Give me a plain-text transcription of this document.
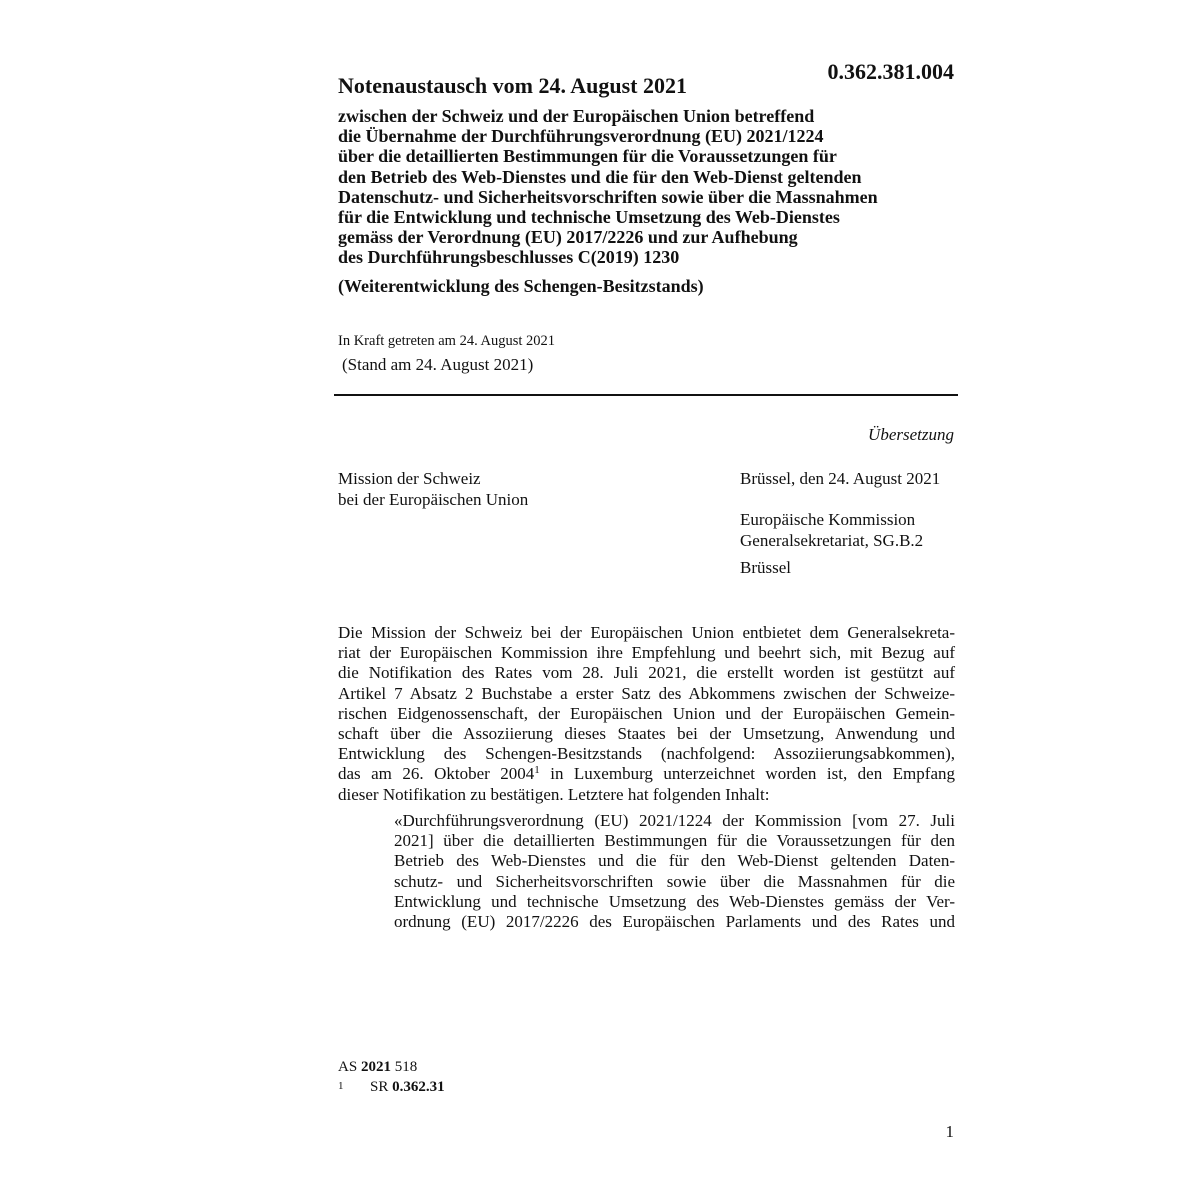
0.362.381.004
Notenaustausch vom 24. August 2021
zwischen der Schweiz und der Europäischen Union betreffend
die Übernahme der Durchführungsverordnung (EU) 2021/1224
über die detaillierten Bestimmungen für die Voraussetzungen für
den Betrieb des Web-Dienstes und die für den Web-Dienst geltenden
Datenschutz- und Sicherheitsvorschriften sowie über die Massnahmen
für die Entwicklung und technische Umsetzung des Web-Dienstes
gemäss der Verordnung (EU) 2017/2226 und zur Aufhebung
des Durchführungsbeschlusses C(2019) 1230
(Weiterentwicklung des Schengen-Besitzstands)
In Kraft getreten am 24. August 2021
(Stand am 24. August 2021)
Übersetzung
Mission der Schweiz
bei der Europäischen Union
Brüssel, den 24. August 2021
Europäische Kommission
Generalsekretariat, SG.B.2
Brüssel
Die Mission der Schweiz bei der Europäischen Union entbietet dem Generalsekreta-
riat der Europäischen Kommission ihre Empfehlung und beehrt sich, mit Bezug auf
die Notifikation des Rates vom 28. Juli 2021, die erstellt worden ist gestützt auf
Artikel 7 Absatz 2 Buchstabe a erster Satz des Abkommens zwischen der Schweize-
rischen Eidgenossenschaft, der Europäischen Union und der Europäischen Gemein-
schaft über die Assoziierung dieses Staates bei der Umsetzung, Anwendung und
Entwicklung des Schengen-Besitzstands (nachfolgend: Assoziierungsabkommen),
das am 26. Oktober 2004$^1$ in Luxemburg unterzeichnet worden ist, den Empfang
dieser Notifikation zu bestätigen. Letztere hat folgenden Inhalt:
«Durchführungsverordnung (EU) 2021/1224 der Kommission [vom 27. Juli
2021] über die detaillierten Bestimmungen für die Voraussetzungen für den
Betrieb des Web-Dienstes und die für den Web-Dienst geltenden Daten-
schutz- und Sicherheitsvorschriften sowie über die Massnahmen für die
Entwicklung und technische Umsetzung des Web-Dienstes gemäss der Ver-
ordnung (EU) 2017/2226 des Europäischen Parlaments und des Rates und
AS 2021 518
1 SR 0.362.31
1
